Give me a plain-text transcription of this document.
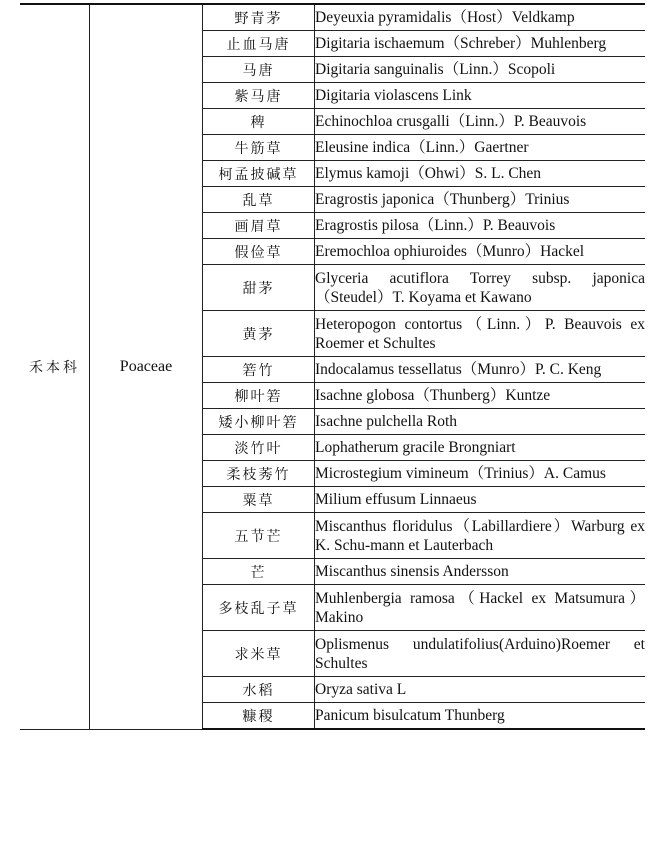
禾本科	Poaceae	野青茅	Deyeuxia pyramidalis（Host）Veldkamp
		止血马唐	Digitaria ischaemum（Schreber）Muhlenberg
		马唐	Digitaria sanguinalis（Linn.）Scopoli
		紫马唐	Digitaria violascens Link
		稗	Echinochloa crusgalli（Linn.）P. Beauvois
		牛筋草	Eleusine indica（Linn.）Gaertner
		柯孟披碱草	Elymus kamoji（Ohwi）S. L. Chen
		乱草	Eragrostis japonica（Thunberg）Trinius
		画眉草	Eragrostis pilosa（Linn.）P. Beauvois
		假俭草	Eremochloa ophiuroides（Munro）Hackel
		甜茅	Glyceria acutiflora Torrey subsp. japonica（Steudel）T. Koyama et Kawano
		黄茅	Heteropogon contortus（Linn.）P. Beauvois ex Roemer et Schultes
		箬竹	Indocalamus tessellatus（Munro）P. C. Keng
		柳叶箬	Isachne globosa（Thunberg）Kuntze
		矮小柳叶箬	Isachne pulchella Roth
		淡竹叶	Lophatherum gracile Brongniart
		柔枝莠竹	Microstegium vimineum（Trinius）A. Camus
		粟草	Milium effusum Linnaeus
		五节芒	Miscanthus floridulus（Labillardiere）Warburg ex K. Schu-mann et Lauterbach
		芒	Miscanthus sinensis Andersson
		多枝乱子草	Muhlenbergia ramosa（Hackel ex Matsumura）Makino
		求米草	Oplismenus undulatifolius(Arduino)Roemer et Schultes
		水稻	Oryza sativa L
		糠稷	Panicum bisulcatum Thunberg
